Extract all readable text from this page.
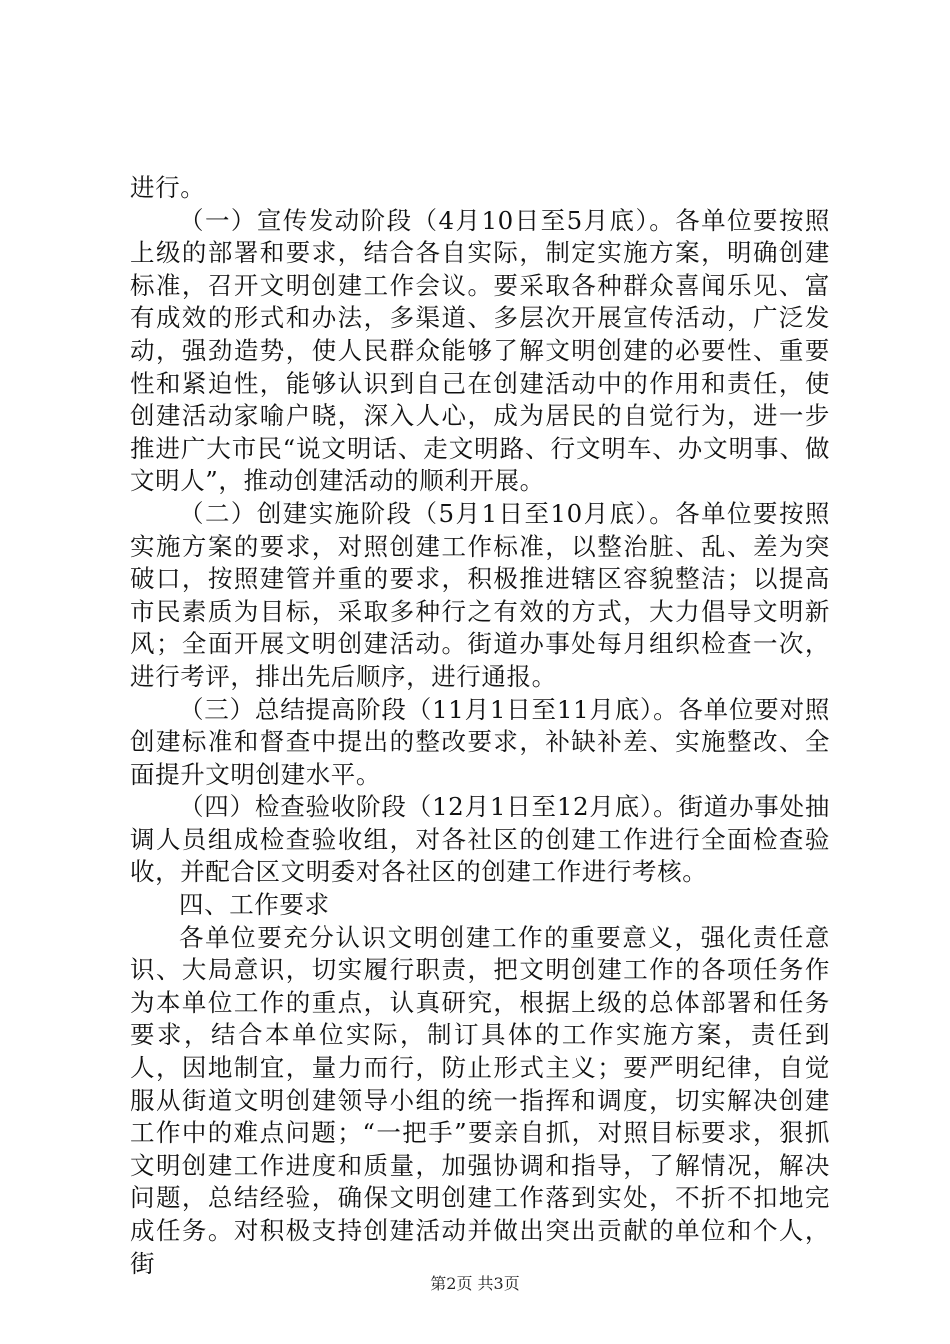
进行。

（一）宣传发动阶段（4月10日至5月底）。各单位要按照上级的部署和要求，结合各自实际，制定实施方案，明确创建标准，召开文明创建工作会议。要采取各种群众喜闻乐见、富有成效的形式和办法，多渠道、多层次开展宣传活动，广泛发动，强劲造势，使人民群众能够了解文明创建的必要性、重要性和紧迫性，能够认识到自己在创建活动中的作用和责任，使创建活动家喻户晓，深入人心，成为居民的自觉行为，进一步推进广大市民“说文明话、走文明路、行文明车、办文明事、做文明人”，推动创建活动的顺利开展。

（二）创建实施阶段（5月1日至10月底）。各单位要按照实施方案的要求，对照创建工作标准，以整治脏、乱、差为突破口，按照建管并重的要求，积极推进辖区容貌整洁；以提高市民素质为目标，采取多种行之有效的方式，大力倡导文明新风；全面开展文明创建活动。街道办事处每月组织检查一次，进行考评，排出先后顺序，进行通报。

（三）总结提高阶段（11月1日至11月底）。各单位要对照创建标准和督查中提出的整改要求，补缺补差、实施整改、全面提升文明创建水平。

（四）检查验收阶段（12月1日至12月底）。街道办事处抽调人员组成检查验收组，对各社区的创建工作进行全面检查验收，并配合区文明委对各社区的创建工作进行考核。

四、工作要求

各单位要充分认识文明创建工作的重要意义，强化责任意识、大局意识，切实履行职责，把文明创建工作的各项任务作为本单位工作的重点，认真研究，根据上级的总体部署和任务要求，结合本单位实际，制订具体的工作实施方案，责任到人，因地制宜，量力而行，防止形式主义；要严明纪律，自觉服从街道文明创建领导小组的统一指挥和调度，切实解决创建工作中的难点问题；“一把手”要亲自抓，对照目标要求，狠抓文明创建工作进度和质量，加强协调和指导，了解情况，解决问题，总结经验，确保文明创建工作落到实处，不折不扣地完成任务。对积极支持创建活动并做出突出贡献的单位和个人，街

第2页 共3页
